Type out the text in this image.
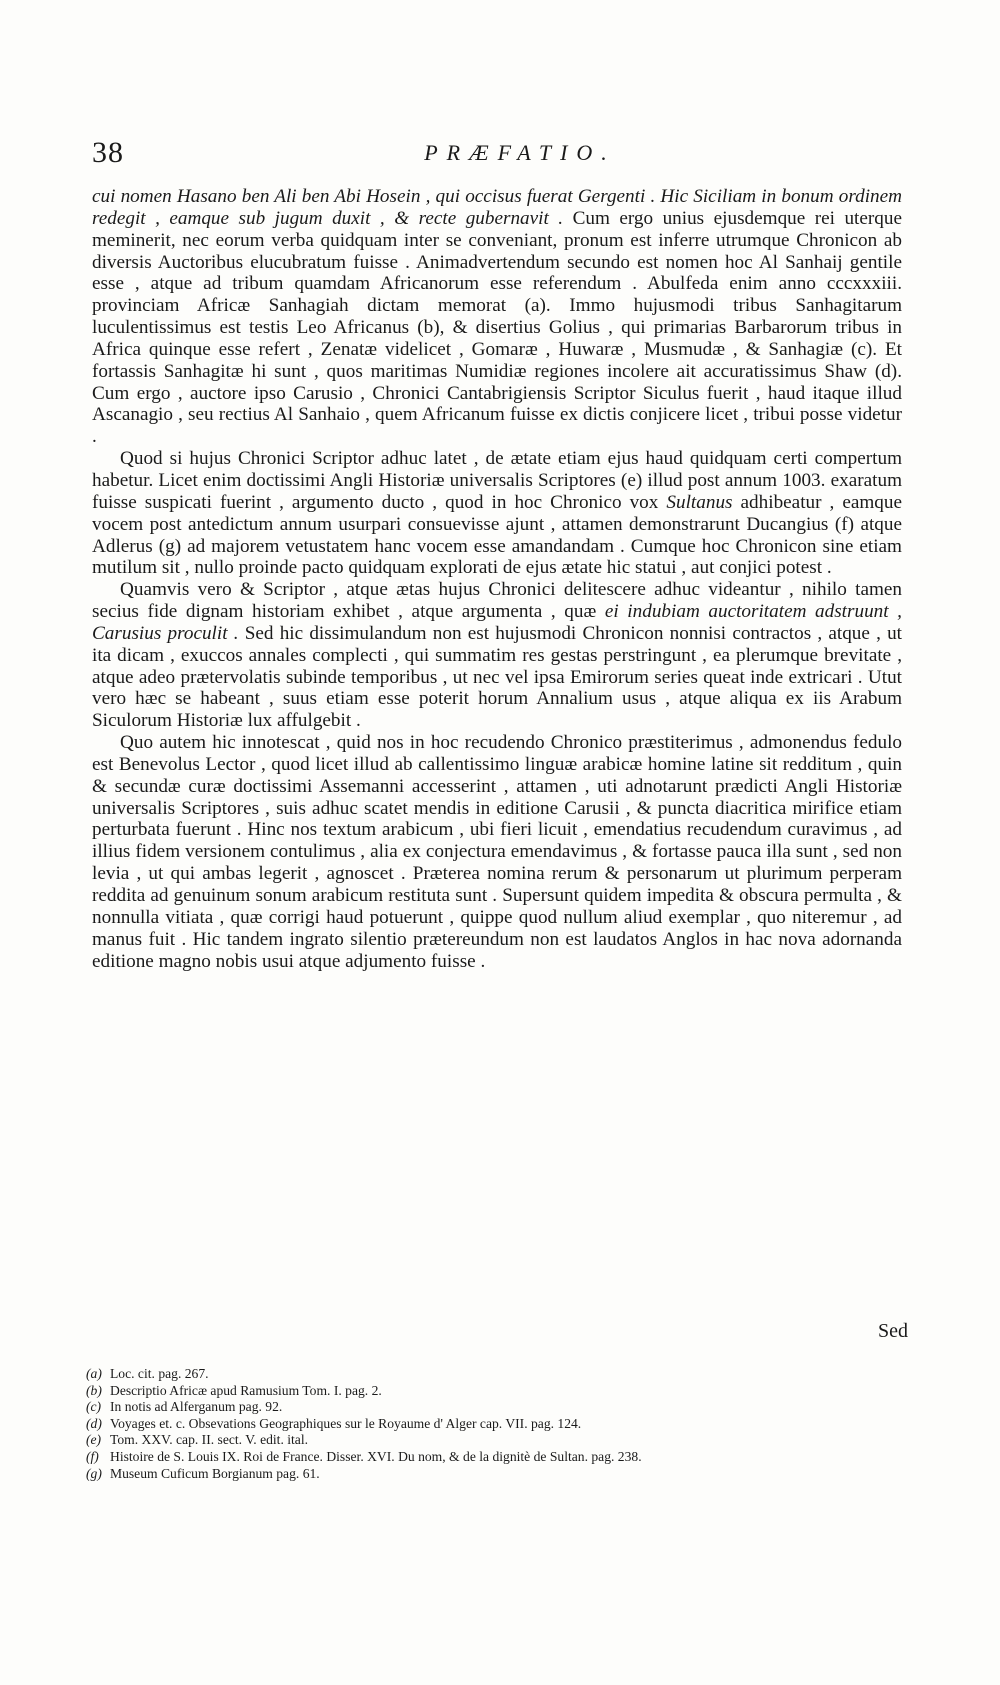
38	PRÆFATIO.

cui nomen Hasano ben Ali ben Abi Hosein , qui occisus fuerat Gergenti . Hic Siciliam in bonum ordinem redegit , eamque sub jugum duxit , & recte gubernavit . Cum ergo unius ejusdemque rei uterque meminerit, nec eorum verba quidquam inter se conveniant, pronum est inferre utrumque Chronicon ab diversis Auctoribus elucubratum fuisse . Animadvertendum secundo est nomen hoc Al Sanhaij gentile esse , atque ad tribum quamdam Africanorum esse referendum . Abulfeda enim anno cccxxxiii. provinciam Africæ Sanhagiah dictam memorat (a). Immo hujusmodi tribus Sanhagitarum luculentissimus est testis Leo Africanus (b), & disertius Golius , qui primarias Barbarorum tribus in Africa quinque esse refert , Zenatæ videlicet , Gomaræ , Huwaræ , Musmudæ , & Sanhagiæ (c). Et fortassis Sanhagitæ hi sunt , quos maritimas Numidiæ regiones incolere ait accuratissimus Shaw (d). Cum ergo , auctore ipso Carusio , Chronici Cantabrigiensis Scriptor Siculus fuerit , haud itaque illud Ascanagio , seu rectius Al Sanhaio , quem Africanum fuisse ex dictis conjicere licet , tribui posse videtur .

Quod si hujus Chronici Scriptor adhuc latet , de ætate etiam ejus haud quidquam certi compertum habetur. Licet enim doctissimi Angli Historiæ universalis Scriptores (e) illud post annum 1003. exaratum fuisse suspicati fuerint , argumento ducto , quod in hoc Chronico vox Sultanus adhibeatur , eamque vocem post antedictum annum usurpari consuevisse ajunt , attamen demonstrarunt Ducangius (f) atque Adlerus (g) ad majorem vetustatem hanc vocem esse amandandam . Cumque hoc Chronicon sine etiam mutilum sit , nullo proinde pacto quidquam explorati de ejus ætate hic statui , aut conjici potest .

Quamvis vero & Scriptor , atque ætas hujus Chronici delitescere adhuc videantur , nihilo tamen secius fide dignam historiam exhibet , atque argumenta , quæ ei indubiam auctoritatem adstruunt , Carusius proculit . Sed hic dissimulandum non est hujusmodi Chronicon nonnisi contractos , atque , ut ita dicam , exuccos annales complecti , qui summatim res gestas perstringunt , ea plerumque brevitate , atque adeo prætervolatis subinde temporibus , ut nec vel ipsa Emirorum series queat inde extricari . Utut vero hæc se habeant , suus etiam esse poterit horum Annalium usus , atque aliqua ex iis Arabum Siculorum Historiæ lux affulgebit .

Quo autem hic innotescat , quid nos in hoc recudendo Chronico præstiterimus , admonendus fedulo est Benevolus Lector , quod licet illud ab callentissimo linguæ arabicæ homine latine sit redditum , quin & secundæ curæ doctissimi Assemanni accesserint , attamen , uti adnotarunt prædicti Angli Historiæ universalis Scriptores , suis adhuc scatet mendis in editione Carusii , & puncta diacritica mirifice etiam perturbata fuerunt . Hinc nos textum arabicum , ubi fieri licuit , emendatius recudendum curavimus , ad illius fidem versionem contulimus , alia ex conjectura emendavimus , & fortasse pauca illa sunt , sed non levia , ut qui ambas legerit , agnoscet . Præterea nomina rerum & personarum ut plurimum perperam reddita ad genuinum sonum arabicum restituta sunt . Supersunt quidem impedita & obscura permulta , & nonnulla vitiata , quæ corrigi haud potuerunt , quippe quod nullum aliud exemplar , quo niteremur , ad manus fuit . Hic tandem ingrato silentio prætereundum non est laudatos Anglos in hac nova adornanda editione magno nobis usui atque adjumento fuisse .

Sed
(a) Loc. cit. pag. 267.
(b) Descriptio Africæ apud Ramusium Tom. I. pag. 2.
(c) In notis ad Alferganum pag. 92.
(d) Voyages et. c. Obsevations Geographiques sur le Royaume d' Alger cap. VII. pag. 124.
(e) Tom. XXV. cap. II. sect. V. edit. ital.
(f) Histoire de S. Louis IX. Roi de France. Disser. XVI. Du nom, & de la dignitè de Sultan. pag. 238.
(g) Museum Cuficum Borgianum pag. 61.
